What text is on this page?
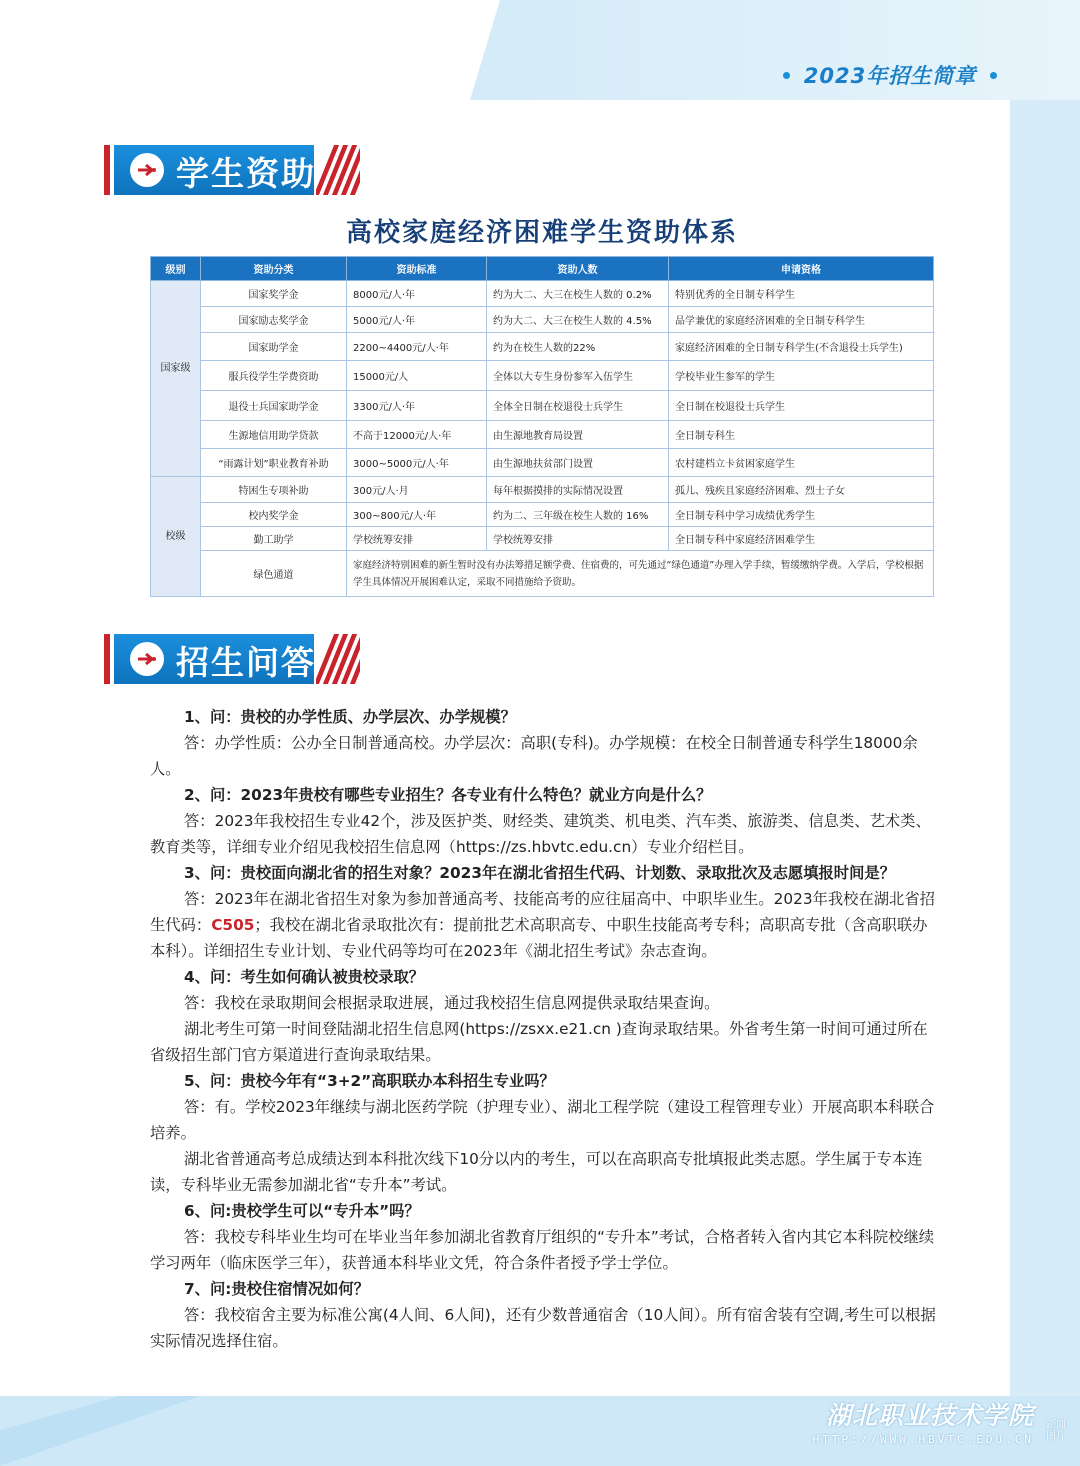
2023年招生简章
学生资助
高校家庭经济困难学生资助体系
级别	资助分类	资助标准	资助人数	申请资格
国家级	国家奖学金	8000元/人·年	约为大二、大三在校生人数的 0.2%	特别优秀的全日制专科学生
	国家励志奖学金	5000元/人·年	约为大二、大三在校生人数的 4.5%	品学兼优的家庭经济困难的全日制专科学生
	国家助学金	2200~4400元/人·年	约为在校生人数的22%	家庭经济困难的全日制专科学生(不含退役士兵学生)
	服兵役学生学费资助	15000元/人	全体以大专生身份参军入伍学生	学校毕业生参军的学生
	退役士兵国家助学金	3300元/人·年	全体全日制在校退役士兵学生	全日制在校退役士兵学生
	生源地信用助学贷款	不高于12000元/人·年	由生源地教育局设置	全日制专科生
	“雨露计划”职业教育补助	3000~5000元/人·年	由生源地扶贫部门设置	农村建档立卡贫困家庭学生
校级	特困生专项补助	300元/人·月	每年根据摸排的实际情况设置	孤儿、残疾且家庭经济困难、烈士子女
	校内奖学金	300~800元/人·年	约为二、三年级在校生人数的 16%	全日制专科中学习成绩优秀学生
	勤工助学	学校统筹安排	学校统筹安排	全日制专科中家庭经济困难学生
	绿色通道	家庭经济特别困难的新生暂时没有办法筹措足额学费、住宿费的，可先通过“绿色通道”办理入学手续，暂缓缴纳学费。入学后，学校根据学生具体情况开展困难认定，采取不同措施给予资助。		
招生问答

1、问：贵校的办学性质、办学层次、办学规模？

答：办学性质：公办全日制普通高校。办学层次：高职(专科)。办学规模：在校全日制普通专科学生18000余人。

2、问：2023年贵校有哪些专业招生？各专业有什么特色？就业方向是什么？

答：2023年我校招生专业42个，涉及医护类、财经类、建筑类、机电类、汽车类、旅游类、信息类、艺术类、教育类等，详细专业介绍见我校招生信息网（https://zs.hbvtc.edu.cn）专业介绍栏目。

3、问：贵校面向湖北省的招生对象？2023年在湖北省招生代码、计划数、录取批次及志愿填报时间是？

答：2023年在湖北省招生对象为参加普通高考、技能高考的应往届高中、中职毕业生。2023年我校在湖北省招生代码：C505；我校在湖北省录取批次有：提前批艺术高职高专、中职生技能高考专科；高职高专批（含高职联办本科）。详细招生专业计划、专业代码等均可在2023年《湖北招生考试》杂志查询。

4、问：考生如何确认被贵校录取？

答：我校在录取期间会根据录取进展，通过我校招生信息网提供录取结果查询。

湖北考生可第一时间登陆湖北招生信息网(https://zsxx.e21.cn )查询录取结果。外省考生第一时间可通过所在省级招生部门官方渠道进行查询录取结果。

5、问：贵校今年有“3+2”高职联办本科招生专业吗？

答：有。学校2023年继续与湖北医药学院（护理专业）、湖北工程学院（建设工程管理专业）开展高职本科联合培养。

湖北省普通高考总成绩达到本科批次线下10分以内的考生，可以在高职高专批填报此类志愿。学生属于专本连读，专科毕业无需参加湖北省“专升本”考试。

6、问:贵校学生可以“专升本”吗？

答：我校专科毕业生均可在毕业当年参加湖北省教育厅组织的“专升本”考试，合格者转入省内其它本科院校继续学习两年（临床医学三年），获普通本科毕业文凭，符合条件者授予学士学位。

7、问:贵校住宿情况如何？

答：我校宿舍主要为标准公寓(4人间、6人间)，还有少数普通宿舍（10人间）。所有宿舍装有空调,考生可以根据实际情况选择住宿。

湖北职业技术学院
HTTP://WWW.HBVTC.EDU.CN
新闻图片
